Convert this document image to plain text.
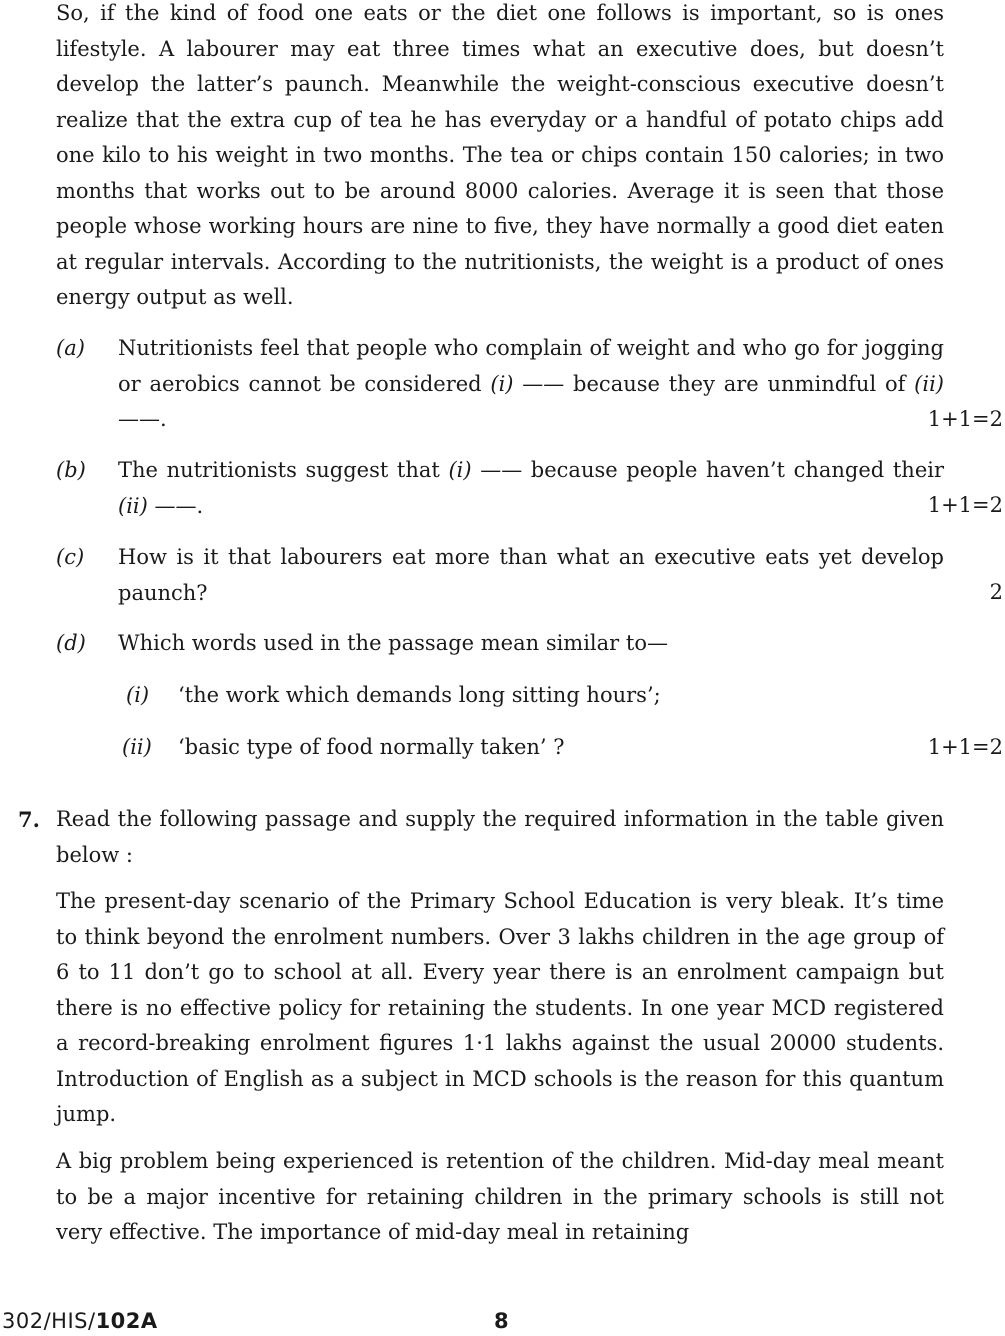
So, if the kind of food one eats or the diet one follows is important, so is ones lifestyle. A labourer may eat three times what an executive does, but doesn’t develop the latter’s paunch. Meanwhile the weight-conscious executive doesn’t realize that the extra cup of tea he has everyday or a handful of potato chips add one kilo to his weight in two months. The tea or chips contain 150 calories; in two months that works out to be around 8000 calories. Average it is seen that those people whose working hours are nine to five, they have normally a good diet eaten at regular intervals. According to the nutritionists, the weight is a product of ones energy output as well.

(a) Nutritionists feel that people who complain of weight and who go for jogging or aerobics cannot be considered (i) —— because they are unmindful of (ii) ——.	1+1=2
(b) The nutritionists suggest that (i) —— because people haven’t changed their (ii) ——.	1+1=2
(c) How is it that labourers eat more than what an executive eats yet develop paunch?	2
(d) Which words used in the passage mean similar to—

(i) ‘the work which demands long sitting hours’;
(ii) ‘basic type of food normally taken’ ?	1+1=2
7. Read the following passage and supply the required information in the table given below :

The present-day scenario of the Primary School Education is very bleak. It’s time to think beyond the enrolment numbers. Over 3 lakhs children in the age group of 6 to 11 don’t go to school at all. Every year there is an enrolment campaign but there is no effective policy for retaining the students. In one year MCD registered a record-breaking enrolment figures 1·1 lakhs against the usual 20000 students. Introduction of English as a subject in MCD schools is the reason for this quantum jump.

A big problem being experienced is retention of the children. Mid-day meal meant to be a major incentive for retaining children in the primary schools is still not very effective. The importance of mid-day meal in retaining

302/HIS/102A	8
